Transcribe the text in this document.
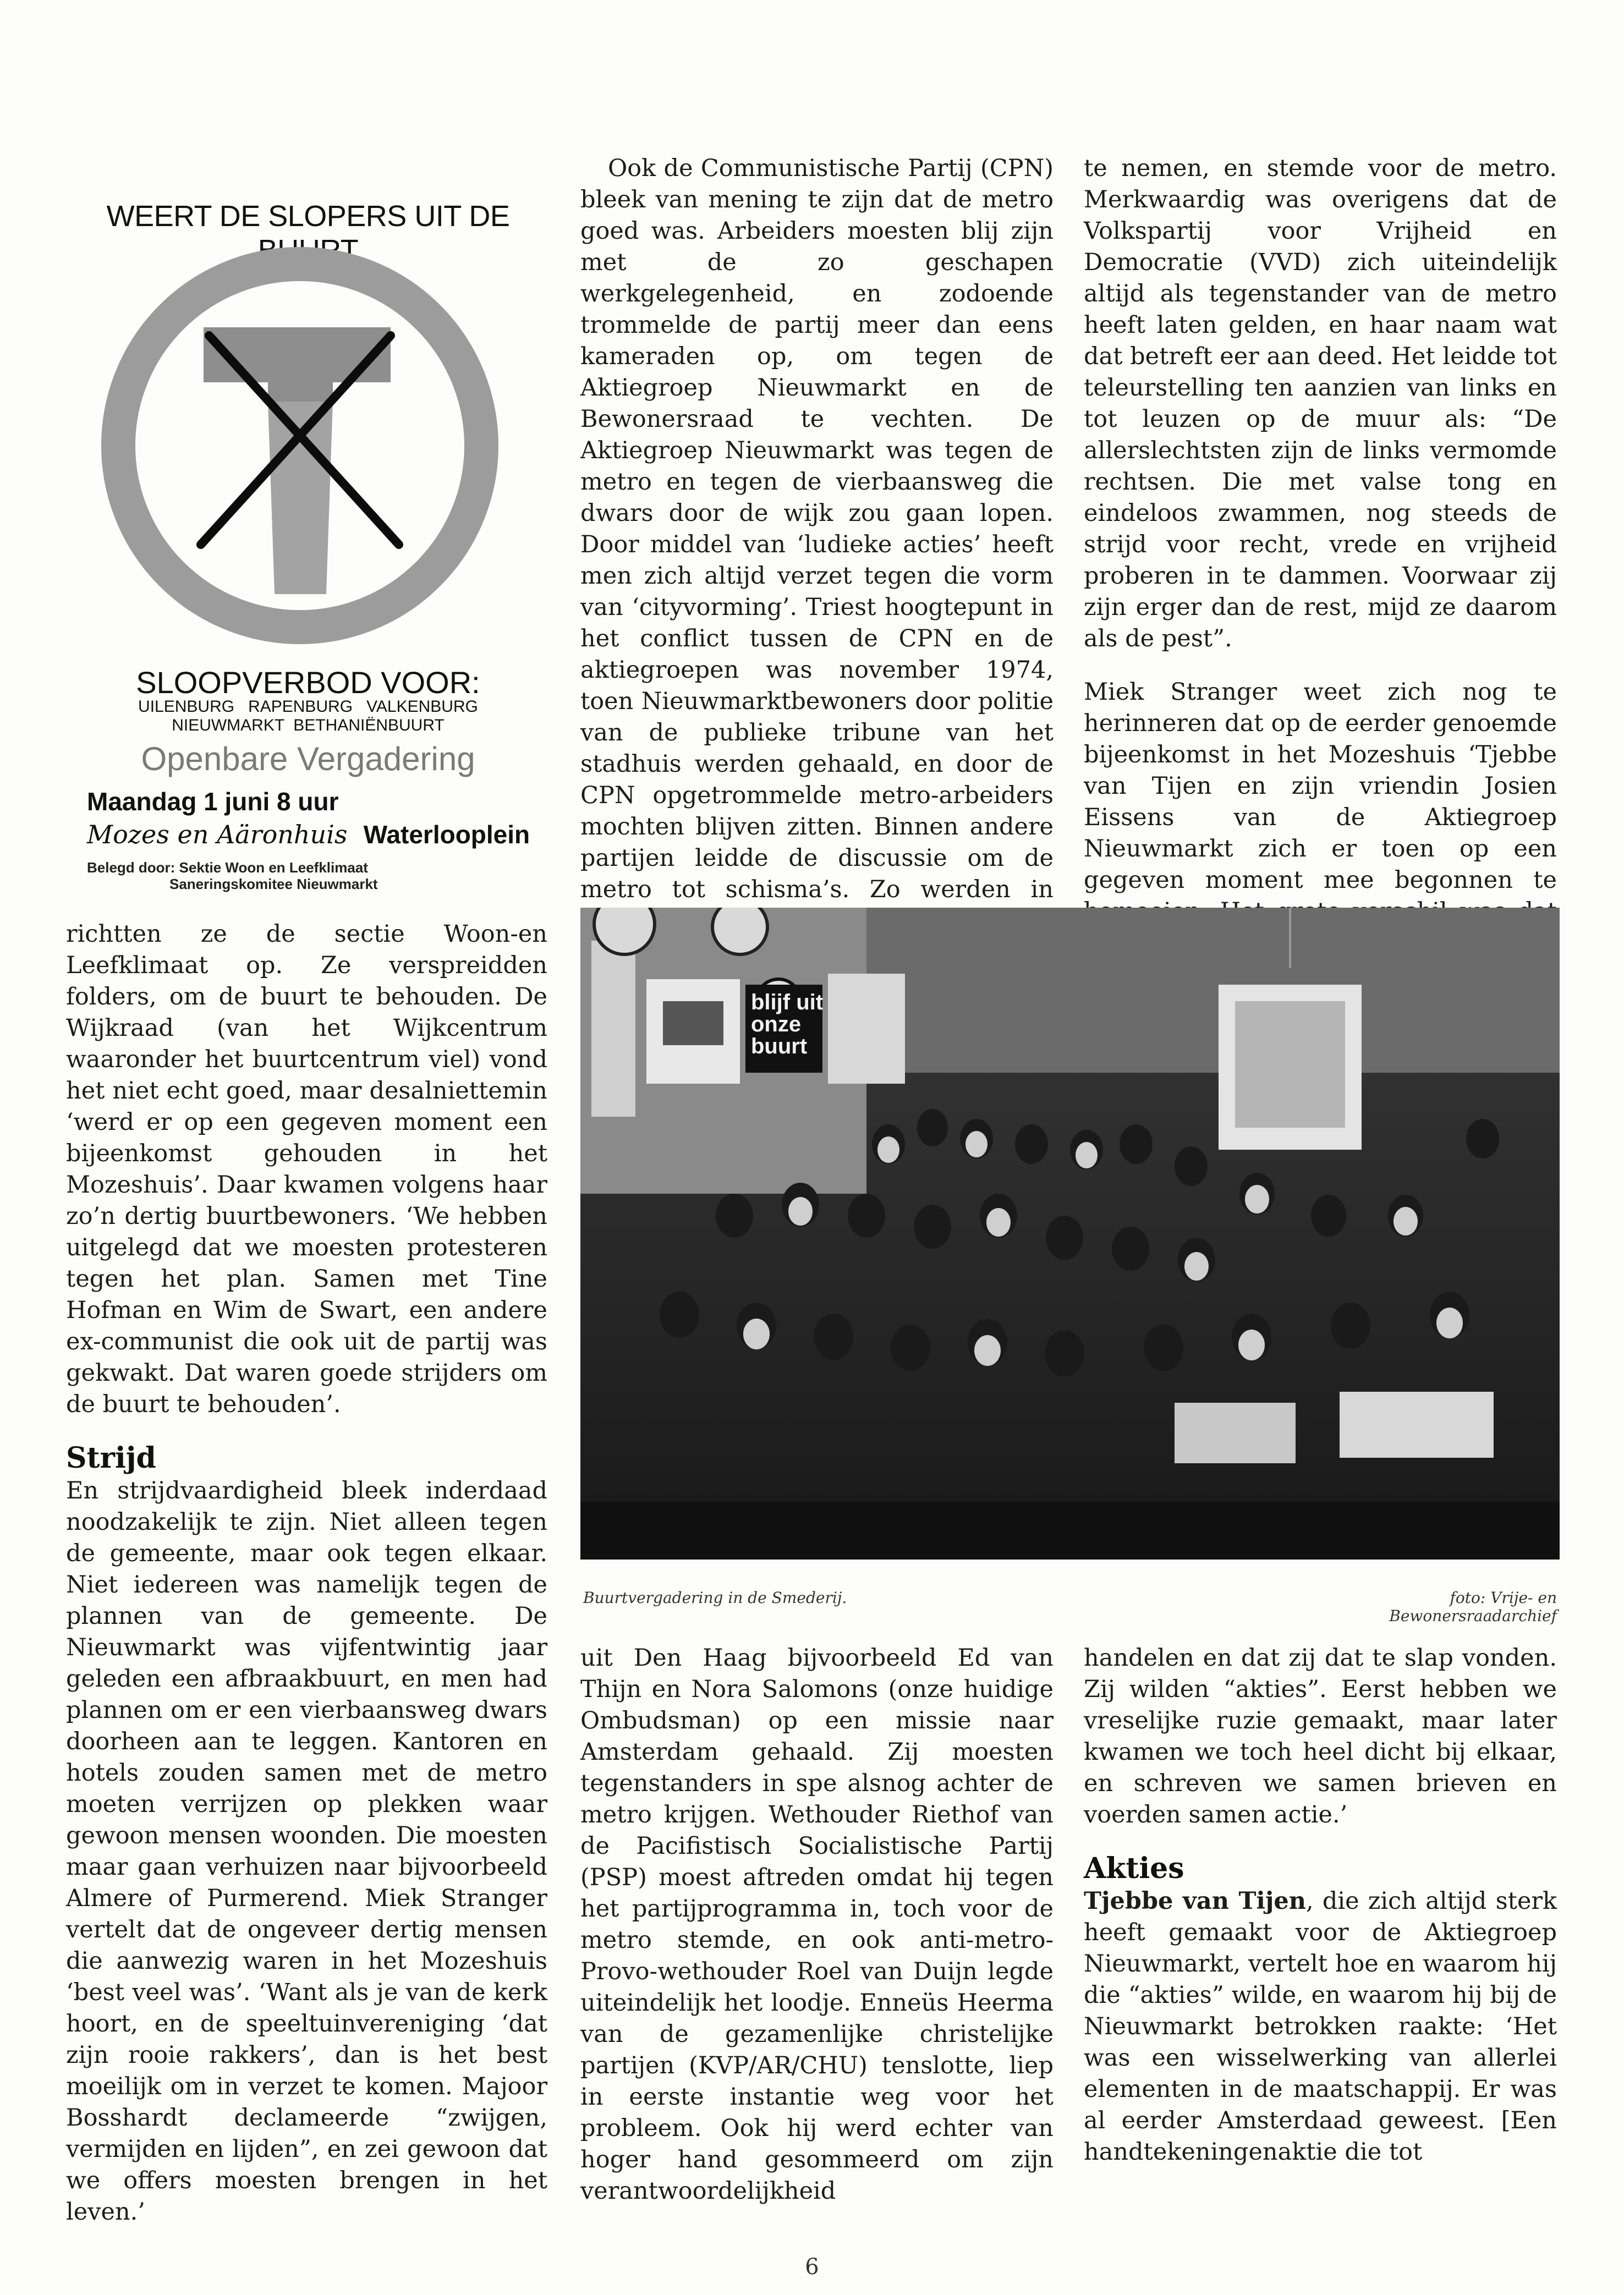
WEERT DE SLOPERS UIT DE BUURT
SLOOPVERBOD VOOR:
UILENBURG   RAPENBURG   VALKENBURG
NIEUWMARKT  BETHANIËNBUURT
Openbare Vergadering
Maandag 1 juni 8 uur
Mozes en Aäronhuis Waterlooplein
Belegd door: Sektie Woon en Leefklimaat
Saneringskomitee Nieuwmarkt

Ook de Communistische Partij (CPN) bleek van mening te zijn dat de metro goed was. Arbeiders moesten blij zijn met de zo geschapen werkgelegenheid, en zodoende trommelde de partij meer dan eens kameraden op, om tegen de Aktiegroep Nieuwmarkt en de Bewonersraad te vechten. De Aktiegroep Nieuwmarkt was tegen de metro en tegen de vierbaansweg die dwars door de wijk zou gaan lopen. Door middel van ‘ludieke acties’ heeft men zich altijd verzet tegen die vorm van ‘cityvorming’. Triest hoogtepunt in het conflict tussen de CPN en de aktiegroepen was november 1974, toen Nieuwmarktbewoners door politie van de publieke tribune van het stadhuis werden gehaald, en door de CPN opgetrommelde metro-arbeiders mochten blijven zitten. Binnen andere partijen leidde de discussie om de metro tot schisma’s. Zo werden in

te nemen, en stemde voor de metro. Merkwaardig was overigens dat de Volkspartij voor Vrijheid en Democratie (VVD) zich uiteindelijk altijd als tegenstander van de metro heeft laten gelden, en haar naam wat dat betreft eer aan deed. Het leidde tot teleurstelling ten aanzien van links en tot leuzen op de muur als: “De allerslechtsten zijn de links vermomde rechtsen. Die met valse tong en eindeloos zwammen, nog steeds de strijd voor recht, vrede en vrijheid proberen in te dammen. Voorwaar zij zijn erger dan de rest, mijd ze daarom als de pest”.

Miek Stranger weet zich nog te herinneren dat op de eerder genoemde bijeenkomst in het Mozeshuis ‘Tjebbe van Tijen en zijn vriendin Josien Eissens van de Aktiegroep Nieuwmarkt zich er toen op een gegeven moment mee begonnen te

richtten ze de sectie Woon-en Leefklimaat op. Ze verspreidden folders, om de buurt te behouden. De Wijkraad (van het Wijkcentrum waaronder het buurtcentrum viel) vond het niet echt goed, maar desalniettemin ‘werd er op een gegeven moment een bijeenkomst gehouden in het Mozeshuis’. Daar kwamen volgens haar zo’n dertig buurtbewoners. ‘We hebben uitgelegd dat we moesten protesteren tegen het plan. Samen met Tine Hofman en Wim de Swart, een andere ex-communist die ook uit de partij was gekwakt. Dat waren goede strijders om de buurt te behouden’.

Strijd

En strijdvaardigheid bleek inderdaad noodzakelijk te zijn. Niet alleen tegen de gemeente, maar ook tegen elkaar. Niet iedereen was namelijk tegen de plannen van de gemeente. De Nieuwmarkt was vijfentwintig jaar geleden een afbraakbuurt, en men had plannen om er een vierbaansweg dwars doorheen aan te leggen. Kantoren en hotels zouden samen met de metro moeten verrijzen op plekken waar gewoon mensen woonden. Die moesten maar gaan verhuizen naar bijvoorbeeld Almere of Purmerend. Miek Stranger vertelt dat de ongeveer dertig mensen die aanwezig waren in het Mozeshuis ‘best veel was’. ‘Want als je van de kerk hoort, en de speeltuinvereniging ‘dat zijn rooie rakkers’, dan is het best moeilijk om in verzet te komen. Majoor Bosshardt declameerde “zwijgen, vermijden en lijden”, en zei gewoon dat we offers moesten brengen in het leven.’

blijf uit
onze
buurt
Buurtvergadering in de Smederij.	foto: Vrije- en Bewonersraadarchief

uit Den Haag bijvoorbeeld Ed van Thijn en Nora Salomons (onze huidige Ombudsman) op een missie naar Amsterdam gehaald. Zij moesten tegenstanders in spe alsnog achter de metro krijgen. Wethouder Riethof van de Pacifistisch Socialistische Partij (PSP) moest aftreden omdat hij tegen het partijprogramma in, toch voor de metro stemde, en ook anti-metro-Provo-wethouder Roel van Duijn legde uiteindelijk het loodje. Enneüs Heerma van de gezamenlijke christelijke partijen (KVP/AR/CHU) tenslotte, liep in eerste instantie weg voor het probleem. Ook hij werd echter van hoger hand gesommeerd om zijn verantwoordelijkheid

handelen en dat zij dat te slap vonden. Zij wilden “akties”. Eerst hebben we vreselijke ruzie gemaakt, maar later kwamen we toch heel dicht bij elkaar, en schreven we samen brieven en voerden samen actie.’

Akties

Tjebbe van Tijen, die zich altijd sterk heeft gemaakt voor de Aktiegroep Nieuwmarkt, vertelt hoe en waarom hij die “akties” wilde, en waarom hij bij de Nieuwmarkt betrokken raakte: ‘Het was een wisselwerking van allerlei elementen in de maatschappij. Er was al eerder Amsterdaad geweest. [Een handtekeningenaktie die tot

6
